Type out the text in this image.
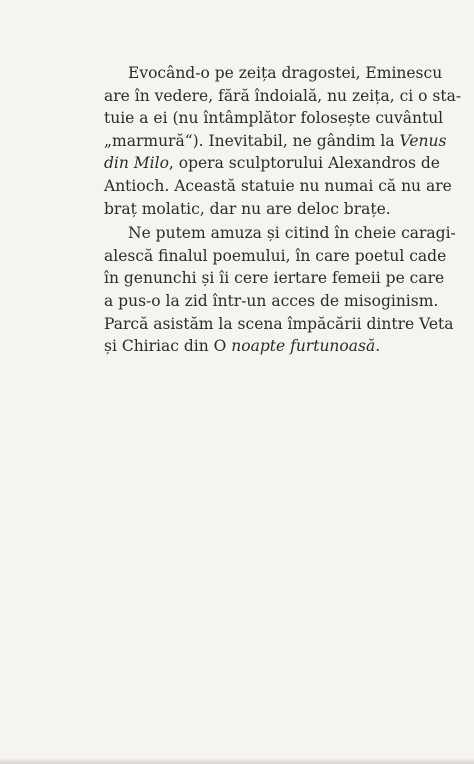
Evocând-o pe zeița dragostei, Eminescu
are în vedere, fără îndoială, nu zeița, ci o sta-
tuie a ei (nu întâmplător folosește cuvântul
„marmură“). Inevitabil, ne gândim la Venus
din Milo, opera sculptorului Alexandros de
Antioch. Această statuie nu numai că nu are
braț molatic, dar nu are deloc brațe.

Ne putem amuza și citind în cheie caragi-
alescă finalul poemului, în care poetul cade
în genunchi și îi cere iertare femeii pe care
a pus-o la zid într-un acces de misoginism.
Parcă asistăm la scena împăcării dintre Veta
și Chiriac din O noapte furtunoasă.
